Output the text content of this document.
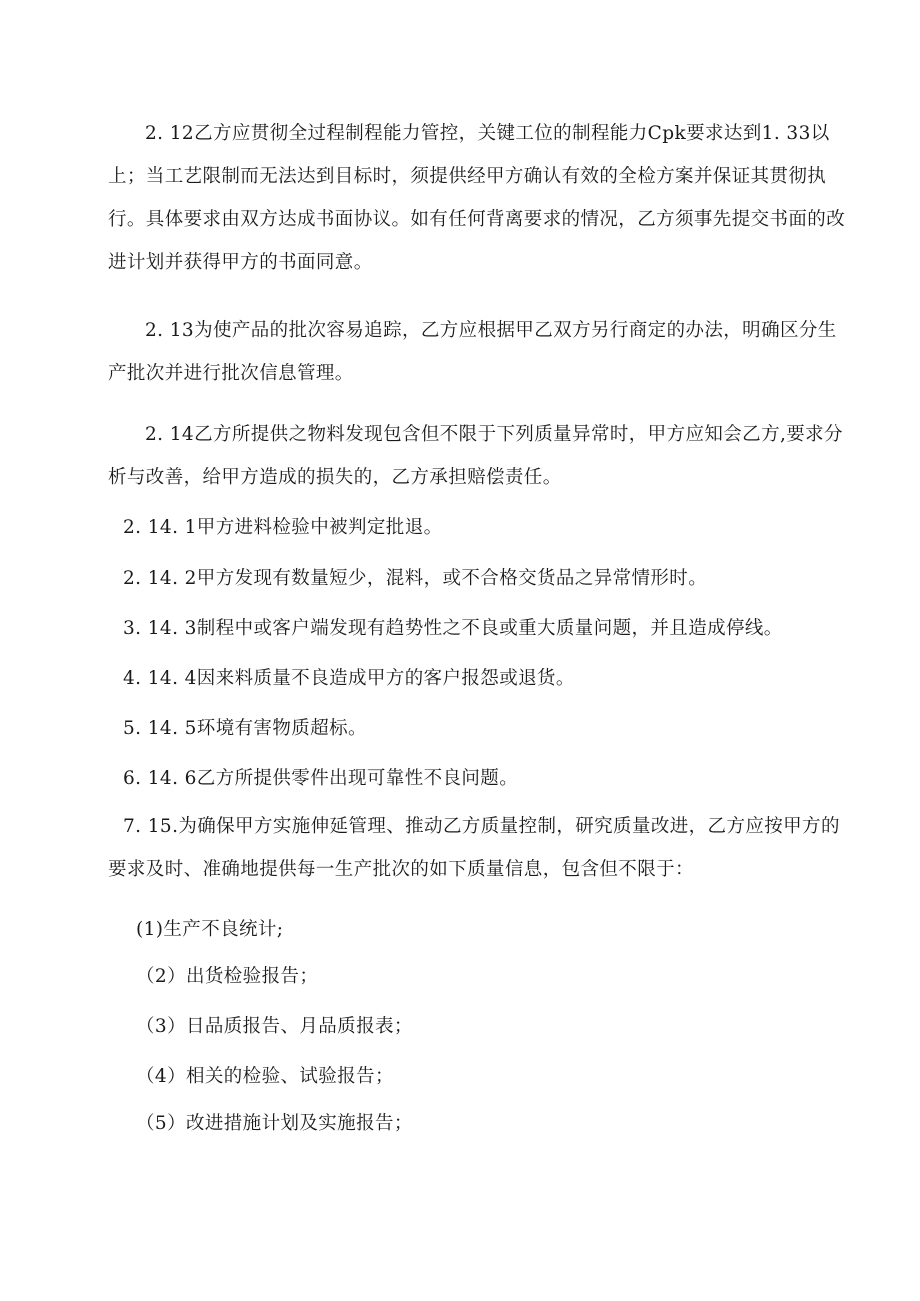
2. 12乙方应贯彻全过程制程能力管控，关键工位的制程能力Cpk要求达到1. 33以上；当工艺限制而无法达到目标时，须提供经甲方确认有效的全检方案并保证其贯彻执行。具体要求由双方达成书面协议。如有任何背离要求的情况，乙方须事先提交书面的改进计划并获得甲方的书面同意。

2. 13为使产品的批次容易追踪，乙方应根据甲乙双方另行商定的办法，明确区分生产批次并进行批次信息管理。

2. 14乙方所提供之物料发现包含但不限于下列质量异常时，甲方应知会乙方,要求分析与改善，给甲方造成的损失的，乙方承担赔偿责任。

2. 14. 1甲方进料检验中被判定批退。

2. 14. 2甲方发现有数量短少，混料，或不合格交货品之异常情形时。

3. 14. 3制程中或客户端发现有趋势性之不良或重大质量问题，并且造成停线。

4. 14. 4因来料质量不良造成甲方的客户报怨或退货。

5. 14. 5环境有害物质超标。

6. 14. 6乙方所提供零件出现可靠性不良问题。

7. 15.为确保甲方实施伸延管理、推动乙方质量控制，研究质量改进，乙方应按甲方的要求及时、准确地提供每一生产批次的如下质量信息，包含但不限于：

(1)生产不良统计;

（2）出货检验报告；

（3）日品质报告、月品质报表；

（4）相关的检验、试验报告；

（5）改进措施计划及实施报告；
